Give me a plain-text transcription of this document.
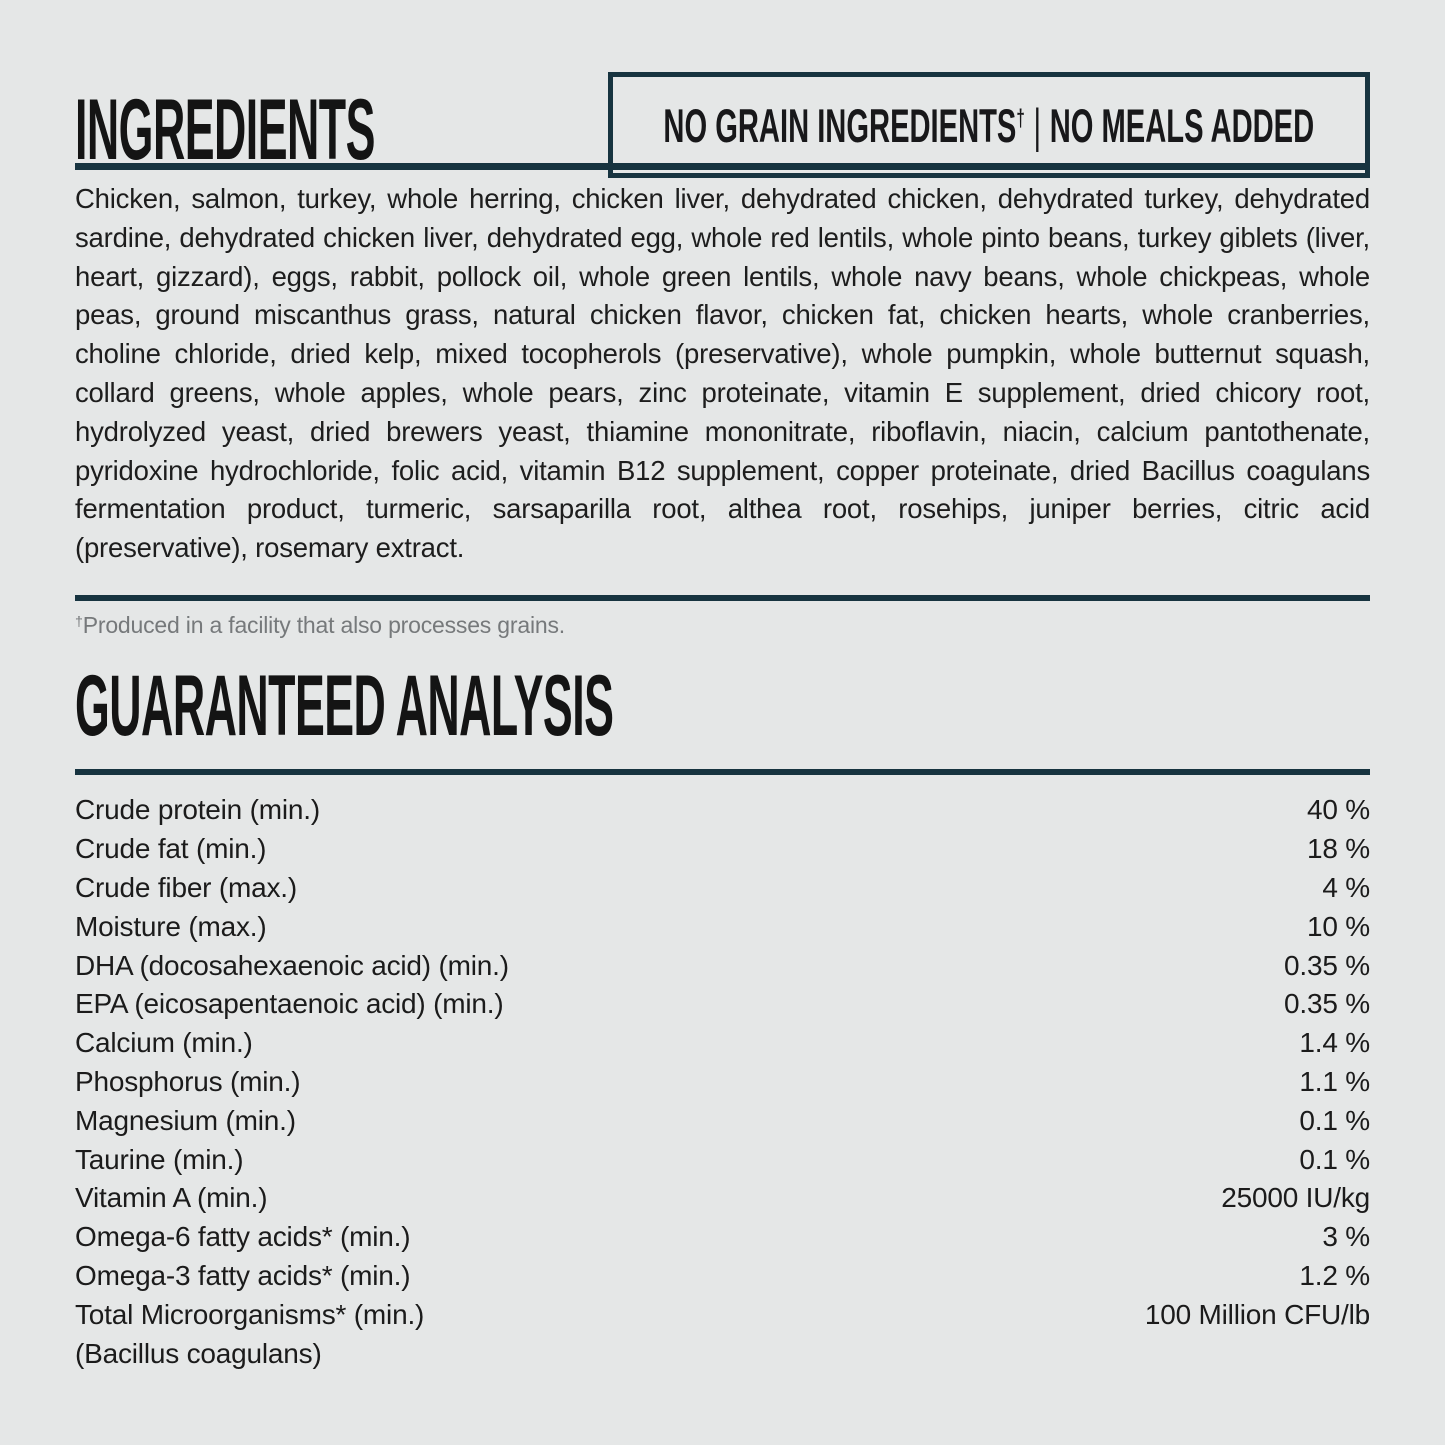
INGREDIENTS	NO GRAIN INGREDIENTS† | NO MEALS ADDED

Chicken, salmon, turkey, whole herring, chicken liver, dehydrated chicken, dehydrated turkey, dehydrated sardine, dehydrated chicken liver, dehydrated egg, whole red lentils, whole pinto beans, turkey giblets (liver, heart, gizzard), eggs, rabbit, pollock oil, whole green lentils, whole navy beans, whole chickpeas, whole peas, ground miscanthus grass, natural chicken flavor, chicken fat, chicken hearts, whole cranberries, choline chloride, dried kelp, mixed tocopherols (preservative), whole pumpkin, whole butternut squash, collard greens, whole apples, whole pears, zinc proteinate, vitamin E supplement, dried chicory root, hydrolyzed yeast, dried brewers yeast, thiamine mononitrate, riboflavin, niacin, calcium pantothenate, pyridoxine hydrochloride, folic acid, vitamin B12 supplement, copper proteinate, dried Bacillus coagulans fermentation product, turmeric, sarsaparilla root, althea root, rosehips, juniper berries, citric acid (preservative), rosemary extract.

†Produced in a facility that also processes grains.
GUARANTEED ANALYSIS
Crude protein (min.)	40 %
Crude fat (min.)	18 %
Crude fiber (max.)	4 %
Moisture (max.)	10 %
DHA (docosahexaenoic acid) (min.)	0.35 %
EPA (eicosapentaenoic acid) (min.)	0.35 %
Calcium (min.)	1.4 %
Phosphorus (min.)	1.1 %
Magnesium (min.)	0.1 %
Taurine (min.)	0.1 %
Vitamin A (min.)	25000 IU/kg
Omega-6 fatty acids* (min.)	3 %
Omega-3 fatty acids* (min.)	1.2 %
Total Microorganisms* (min.)	100 Million CFU/lb
(Bacillus coagulans)
